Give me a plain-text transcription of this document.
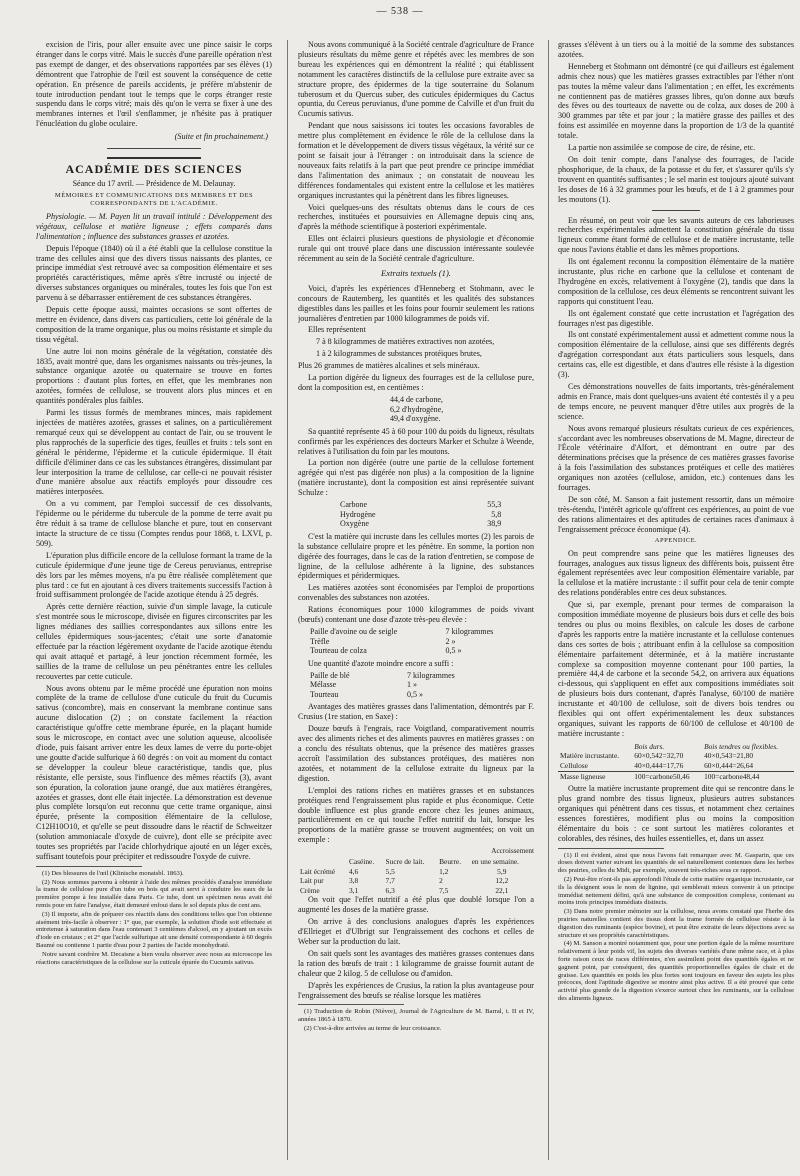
— 538 —

excision de l'iris, pour aller ensuite avec une pince saisir le corps étranger dans le corps vitré. Mais le succès d'une pareille opération n'est pas exempt de danger, et des observations rapportées par ses élèves (1) démontrent que l'atrophie de l'œil est souvent la conséquence de cette opération. En présence de pareils accidents, je préfère m'abstenir de toute introduction pendant tout le temps que le corps étranger reste suspendu dans le corps vitré; mais dès qu'on le verra se fixer à une des membranes internes et l'œil s'enflammer, je n'hésite pas à pratiquer l'énucléation du globe oculaire.

(Suite et fin prochainement.)
ACADÉMIE DES SCIENCES
Séance du 17 avril. — Présidence de M. Delaunay.
MÉMOIRES ET COMMUNICATIONS DES MEMBRES ET DES CORRESPONDANTS DE L'ACADÉMIE.

Physiologie. — M. Payen lit un travail intitulé : Développement des végétaux, cellulose et matière ligneuse ; effets comparés dans l'alimentation ; influence des substances grasses et azotées.

Depuis l'époque (1840) où il a été établi que la cellulose constitue la trame des cellules ainsi que des divers tissus naissants des plantes, ce principe immédiat s'est retrouvé avec sa composition élémentaire et ses propriétés caractéristiques, même après s'être incrusté ou injecté de diverses substances organiques ou minérales, toutes les fois que l'on est parvenu à se débarrasser entièrement de ces substances étrangères.

Depuis cette époque aussi, maintes occasions se sont offertes de mettre en évidence, dans divers cas particuliers, cette loi générale de la composition de la trame organique, plus ou moins résistante et simple du tissu végétal.

Une autre loi non moins générale de la végétation, constatée dès 1835, avait montré que, dans les organismes naissants ou très-jeunes, la substance organique azotée ou quaternaire se trouve en fortes proportions : d'autant plus fortes, en effet, que les membranes non azotées, formées de cellulose, se trouvent alors plus minces et en quantités pondérales plus faibles.

Parmi les tissus formés de membranes minces, mais rapidement injectées de matières azotées, grasses et salines, on a particulièrement remarqué ceux qui se développent au contact de l'air, ou se trouvent le plus rapprochés de la superficie des tiges, feuilles et fruits : tels sont en général le périderme, l'épiderme et la cuticule épidermique. Il était difficile d'éliminer dans ce cas les substances étrangères, dissimulant par leur interposition la trame de cellulose, car celle-ci ne pouvait résister d'une manière absolue aux réactifs employés pour dissoudre ces matières interposées.

On a vu comment, par l'emploi successif de ces dissolvants, l'épiderme ou le périderme du tubercule de la pomme de terre avait pu être réduit à sa trame de cellulose blanche et pure, tout en conservant intacte la structure de ce tissu (Comptes rendus pour 1868, t. LXVI, p. 509).

L'épuration plus difficile encore de la cellulose formant la trame de la cuticule épidermique d'une jeune tige de Cereus peruvianus, entreprise dès lors par les mêmes moyens, n'a pu être réalisée complètement que plus tard : ce fut en ajoutant à ces divers traitements successifs l'action à froid suffisamment prolongée de l'acide azotique étendu à 25 degrés.

Après cette dernière réaction, suivie d'un simple lavage, la cuticule s'est montrée sous le microscope, divisée en figures circonscrites par les lignes médianes des saillies correspondantes aux sillons entre les cellules épidermiques sous-jacentes; c'était une sorte d'anatomie effectuée par la réaction légèrement oxydante de l'acide azotique étendu qui avait attaqué et partagé, à leur jonction récemment formée, les saillies de la trame de cellulose un peu pénétrantes entre les cellules recouvertes par cette cuticule.

Nous avons obtenu par le même procédé une épuration non moins complète de la trame de cellulose d'une cuticule du fruit du Cucumis sativus (concombre), mais en conservant la membrane continue sans aucune dislocation (2) ; on constate facilement la réaction caractéristique qu'offre cette membrane épurée, en la plaçant humide sous le microscope, en contact avec une solution aqueuse, alcoolisée d'iode, puis faisant arriver entre les deux lames de verre du porte-objet une goutte d'acide sulfurique à 60 degrés : on voit au moment du contact se développer la couleur bleue caractéristique, tandis que, plus résistante, elle persiste, sous l'influence des mêmes réactifs (3), avant son épuration, la coloration jaune orangé, due aux matières étrangères, azotées et grasses, dont elle était injectée. La démonstration est devenue plus complète lorsqu'on eut reconnu que cette trame organique, ainsi épurée, présente la composition élémentaire de la cellulose, C12H10O10, et qu'elle se peut dissoudre dans le réactif de Schweitzer (solution ammoniacale d'oxyde de cuivre), dont elle se précipite avec toutes ses propriétés par l'acide chlorhydrique ajouté en un léger excès, suffisant toutefois pour précipiter et redissoudre l'oxyde de cuivre.

(1) Des blessures de l'œil (Klinische monatsbl. 1863).

(2) Nous sommes parvenu à obtenir à l'aide des mêmes procédés d'analyse immédiate la trame de cellulose pure d'un tube en bois qui avait servi à conduire les eaux de la première pompe à feu installée dans Paris. Ce tube, dont un spécimen nous avait été remis pour en faire l'analyse, était demeuré enfoui dans le sol depuis plus de cent ans.

(3) Il importe, afin de préparer ces réactifs dans des conditions telles que l'on obtienne aisément très-facile à observer : 1° que, par exemple, la solution d'iode soit effectuée et entretenue à saturation dans l'eau contenant 3 centièmes d'alcool, en y ajoutant un excès d'iode en cristaux ; et 2° que l'acide sulfurique ait une densité correspondante à 60 degrés Baumé ou contienne 1 partie d'eau pour 2 parties de l'acide monohydraté.

Notre savant confrère M. Decaisne a bien voulu observer avec nous au microscope les réactions caractéristiques de la cellulose sur la cuticule épurée du Cucumis sativus.

Nous avons communiqué à la Société centrale d'agriculture de France plusieurs résultats du même genre et répétés avec les membres de son bureau les expériences qui en démontrent la réalité ; qui établissent notamment les caractères distinctifs de la cellulose pure extraite avec sa structure propre, des épidermes de la tige souterraine du Solanum tuberosum et du Quercus suber, des cuticules épidermiques du Cactus opuntia, du Cereus peruvianus, d'une pomme de Calville et d'un fruit du Cucumis sativus.

Pendant que nous saisissons ici toutes les occasions favorables de mettre plus complètement en évidence le rôle de la cellulose dans la formation et le développement de divers tissus végétaux, la vérité sur ce point se faisait jour à l'étranger : on introduisait dans la science de nouveaux faits relatifs à la part que peut prendre ce principe immédiat dans l'alimentation des animaux ; on constatait de nouveau les différences fondamentales qui existent entre la cellulose et les matières organiques incrustantes qui la pénètrent dans les fibres ligneuses.

Voici quelques-uns des résultats obtenus dans le cours de ces recherches, instituées et poursuivies en Allemagne depuis cinq ans, d'après la méthode scientifique à posteriori expérimentale.

Elles ont éclairci plusieurs questions de physiologie et d'économie rurale qui ont trouvé place dans une discussion intéressante soulevée récemment au sein de la Société centrale d'agriculture.

Extraits textuels (1).

Voici, d'après les expériences d'Henneberg et Stohmann, avec le concours de Rautemberg, les quantités et les qualités des substances digestibles dans les pailles et les foins pour fournir seulement les rations journalières d'entretien par 1000 kilogrammes de poids vif.

Elles représentent

7 à 8 kilogrammes de matières extractives non azotées,

1 à 2 kilogrammes de substances protéiques brutes,

Plus 26 grammes de matières alcalines et sels minéraux.

La portion digérée du ligneux des fourrages est de la cellulose pure, dont la composition est, en centièmes :

44,4 de carbone,
6,2 d'hydrogène,
49,4 d'oxygène.

Sa quantité représente 45 à 60 pour 100 du poids du ligneux, résultats confirmés par les expériences des docteurs Marker et Schulze à Weende, relatives à l'utilisation du foin par les moutons.

La portion non digérée (outre une partie de la cellulose fortement agrégée qui n'est pas digérée non plus) a la composition de la lignine (matière incrustante), dont la composition est ainsi représentée suivant Schulze :

Carbone	55,3
Hydrogène	5,8
Oxygène	38,9

C'est la matière qui incruste dans les cellules mortes (2) les parois de la substance cellulaire propre et les pénètre. En somme, la portion non digérée des fourrages, dans le cas de la ration d'entretien, se compose de lignine, de la cellulose adhérente à la lignine, des substances épidermiques et péridermiques.

Les matières azotées sont économisées par l'emploi de proportions convenables des substances non azotées.

Rations économiques pour 1000 kilogrammes de poids vivant (bœufs) contenant une dose d'azote très-peu élevée :

Paille d'avoine ou de seigle	7 kilogrammes
Trèfle	2 »
Tourteau de colza	0,5 »

Une quantité d'azote moindre encore a suffi :

Paille de blé	7 kilogrammes
Mélasse	1 »
Tourteau	0,5 »

Avantages des matières grasses dans l'alimentation, démontrés par F. Crusius (1re station, en Saxe) :

Douze bœufs à l'engrais, race Voigtland, comparativement nourris avec des aliments riches et des aliments pauvres en matières grasses : on a conclu des résultats obtenus, que la présence des matières grasses accroît l'assimilation des substances protéiques, des matières non azotées, et notamment de la cellulose extraite du ligneux par la digestion.

L'emploi des rations riches en matières grasses et en substances protéiques rend l'engraissement plus rapide et plus économique. Cette double influence est plus grande encore chez les jeunes animaux, particulièrement en ce qui touche l'effet nutritif du lait, lorsque les proportions de la matière grasse se trouvent augmentées; on voit un exemple :

Accroissement
	Caséine.	Sucre de lait.	Beurre.	en une semaine.
Lait écrémé	4,6	5,5	1,2	5,9
Lait pur	3,8	7,7	2	12,2
Crème	3,1	6,3	7,5	22,1

On voit que l'effet nutritif a été plus que doublé lorsque l'on a augmenté les doses de la matière grasse.

On arrive à des conclusions analogues d'après les expériences d'Ellrieget et d'Ulbrigt sur l'engraissement des cochons et celles de Weber sur la production du lait.

On sait quels sont les avantages des matières grasses contenues dans la ration des bœufs de trait : 1 kilogramme de graisse fournit autant de chaleur que 2 kilog. 5 de cellulose ou d'amidon.

D'après les expériences de Crusius, la ration la plus avantageuse pour l'engraissement des bœufs se réalise lorsque les matières

(1) Traduction de Robin (Nièvre), Journal de l'Agriculture de M. Barral, t. II et IV, années 1865 à 1870.

(2) C'est-à-dire arrivées au terme de leur croissance.

grasses s'élèvent à un tiers ou à la moitié de la somme des substances azotées.

Henneberg et Stohmann ont démontré (ce qui d'ailleurs est également admis chez nous) que les matières grasses extractibles par l'éther n'ont pas toutes la même valeur dans l'alimentation ; en effet, les excréments ne contiennent pas de matières grasses libres, qu'on donne aux bœufs des fèves ou des tourteaux de navette ou de colza, aux doses de 200 à 300 grammes par tête et par jour ; la matière grasse des pailles et des foins est assimilée en moyenne dans la proportion de 1/3 de la quantité totale.

La partie non assimilée se compose de cire, de résine, etc.

On doit tenir compte, dans l'analyse des fourrages, de l'acide phosphorique, de la chaux, de la potasse et du fer, et s'assurer qu'ils s'y trouvent en quantités suffisantes ; le sel marin est toujours ajouté suivant les doses de 16 à 32 grammes pour les bœufs, et de 1 à 2 grammes pour les moutons (1).

En résumé, on peut voir que les savants auteurs de ces laborieuses recherches expérimentales admettent la constitution générale du tissu ligneux comme étant formé de cellulose et de matière incrustante, telle que nous l'avions établie et dans les mêmes proportions.

Ils ont également reconnu la composition élémentaire de la matière incrustante, plus riche en carbone que la cellulose et contenant de l'hydrogène en excès, relativement à l'oxygène (2), tandis que dans la composition de la cellulose, ces deux éléments se rencontrent suivant les rapports qui constituent l'eau.

Ils ont également constaté que cette incrustation et l'agrégation des fourrages n'est pas digestible.

Ils ont constaté expérimentalement aussi et admettent comme nous la composition élémentaire de la cellulose, ainsi que ses différents degrés d'agrégation correspondant aux états particuliers sous lesquels, dans certains cas, elle est digestible, et dans d'autres elle résiste à la digestion (3).

Ces démonstrations nouvelles de faits importants, très-généralement admis en France, mais dont quelques-uns avaient été contestés il y a peu de temps encore, ne peuvent manquer d'être utiles aux progrès de la science.

Nous avons remarqué plusieurs résultats curieux de ces expériences, s'accordant avec les nombreuses observations de M. Magne, directeur de l'École vétérinaire d'Alfort, et démontrant en outre par des déterminations précises que la présence de ces matières grasses favorise à la fois l'assimilation des substances protéiques et celle des matières organiques non azotées (cellulose, amidon, etc.) contenues dans les fourrages.

De son côté, M. Sanson a fait justement ressortir, dans un mémoire très-étendu, l'intérêt agricole qu'offrent ces expériences, au point de vue des rations alimentaires et des aptitudes de certaines races d'animaux à l'engraissement précoce économique (4).

APPENDICE.

On peut comprendre sans peine que les matières ligneuses des fourrages, analogues aux tissus ligneux des différents bois, puissent être également représentées avec leur composition élémentaire variable, par la cellulose et la matière incrustante : il suffit pour cela de tenir compte des relations pondérables entre ces deux substances.

Que si, par exemple, prenant pour termes de comparaison la composition immédiate moyenne de plusieurs bois durs et celle des bois tendres ou plus ou moins flexibles, on calcule les doses de carbone d'après les rapports entre la matière incrustante et la cellulose contenues dans ces sortes de bois ; attribuant enfin à la cellulose sa composition élémentaire parfaitement déterminée, et à la matière incrustante complexe sa composition moyenne contenant pour 100 parties, la première 44,4 de carbone et la seconde 54,2, on arrivera aux équations ci-dessous, qui s'appliquent en effet aux compositions immédiates soit de plusieurs bois durs contenant, d'après l'analyse, 60/100 de matière incrustante et 40/100 de cellulose, soit de divers bois tendres ou flexibles qui ont offert expérimentalement les deux substances organiques, suivant les rapports de 60/100 de cellulose et 40/100 de matière incrustante :

	Bois durs.	Bois tendres ou flexibles.
Matière incrustante.	60×0,542=32,70	40×0,543=21,80
Cellulose	40×0,444=17,76	60×0,444=26,64
Masse ligneuse	100=carbone50,46	100=carbone48,44

Outre la matière incrustante proprement dite qui se rencontre dans le plus grand nombre des tissus ligneux, plusieurs autres substances organiques qui pénètrent dans ces tissus, et notamment chez certaines essences forestières, modifient plus ou moins la composition élémentaire du bois : ce sont surtout les matières colorantes et colorables, des résines, des huiles essentielles, et, dans un assez

(1) Il est évident, ainsi que nous l'avons fait remarquer avec M. Gasparin, que ces doses doivent varier suivant les quantités de sel naturellement contenues dans les herbes des prairies, celles du Midi, par exemple, souvent très-riches sous ce rapport.

(2) Peut-être n'ont-ils pas approfondi l'étude de cette matière organique incrustante, car ils la désignent sous le nom de lignine, qui semblerait mieux convenir à un principe immédiat nettement défini, qu'à une substance de composition complexe, contenant au moins trois principes immédiats distincts.

(3) Dans notre premier mémoire sur la cellulose, nous avons constaté que l'herbe des prairies naturelles contient des tissus dont la trame formée de cellulose résiste à la digestion des ruminants (espèce bovine), et peut être extraite de leurs déjections avec sa structure et ses propriétés caractéristiques.

(4) M. Sanson a montré notamment que, pour une portion égale de la même nourriture relativement à leur poids vif, les sujets des diverses variétés d'une même race, et à plus forte raison ceux de races différentes, n'en assimilent point des quantités égales et ne gagnent point, par conséquent, des quantités proportionnelles égales de chair et de graisse. Les quantités en poids les plus fortes sont toujours en faveur des sujets les plus précoces, dont l'aptitude digestive se montre ainsi plus active. Il a été prouvé que cette activité plus grande de la digestion s'exerce surtout chez les ruminants, sur la cellulose des aliments ligneux.
